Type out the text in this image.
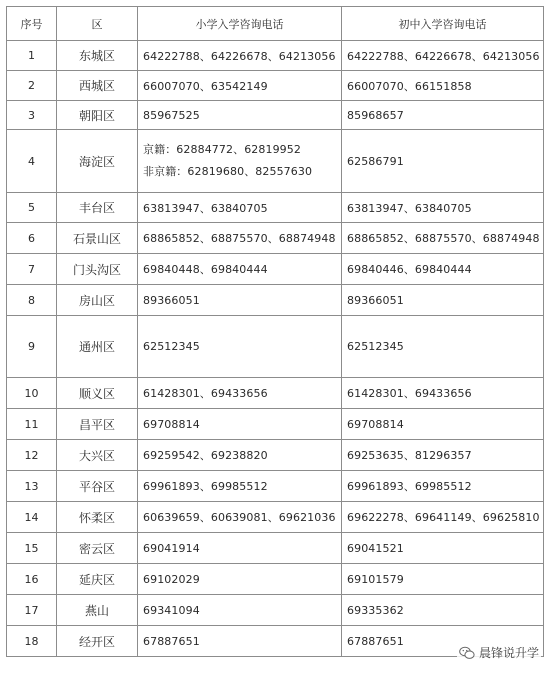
序号	区	小学入学咨询电话	初中入学咨询电话
1	东城区	64222788、64226678、64213056	64222788、64226678、64213056
2	西城区	66007070、63542149	66007070、66151858
3	朝阳区	85967525	85968657
4	海淀区	京籍：62884772、62819952
非京籍：62819680、82557630	62586791
5	丰台区	63813947、63840705	63813947、63840705
6	石景山区	68865852、68875570、68874948	68865852、68875570、68874948
7	门头沟区	69840448、69840444	69840446、69840444
8	房山区	89366051	89366051
9	通州区	62512345	62512345
10	顺义区	61428301、69433656	61428301、69433656
11	昌平区	69708814	69708814
12	大兴区	69259542、69238820	69253635、81296357
13	平谷区	69961893、69985512	69961893、69985512
14	怀柔区	60639659、60639081、69621036	69622278、69641149、69625810
15	密云区	69041914	69041521
16	延庆区	69102029	69101579
17	燕山	69341094	69335362
18	经开区	67887651	67887651
晨锋说升学
